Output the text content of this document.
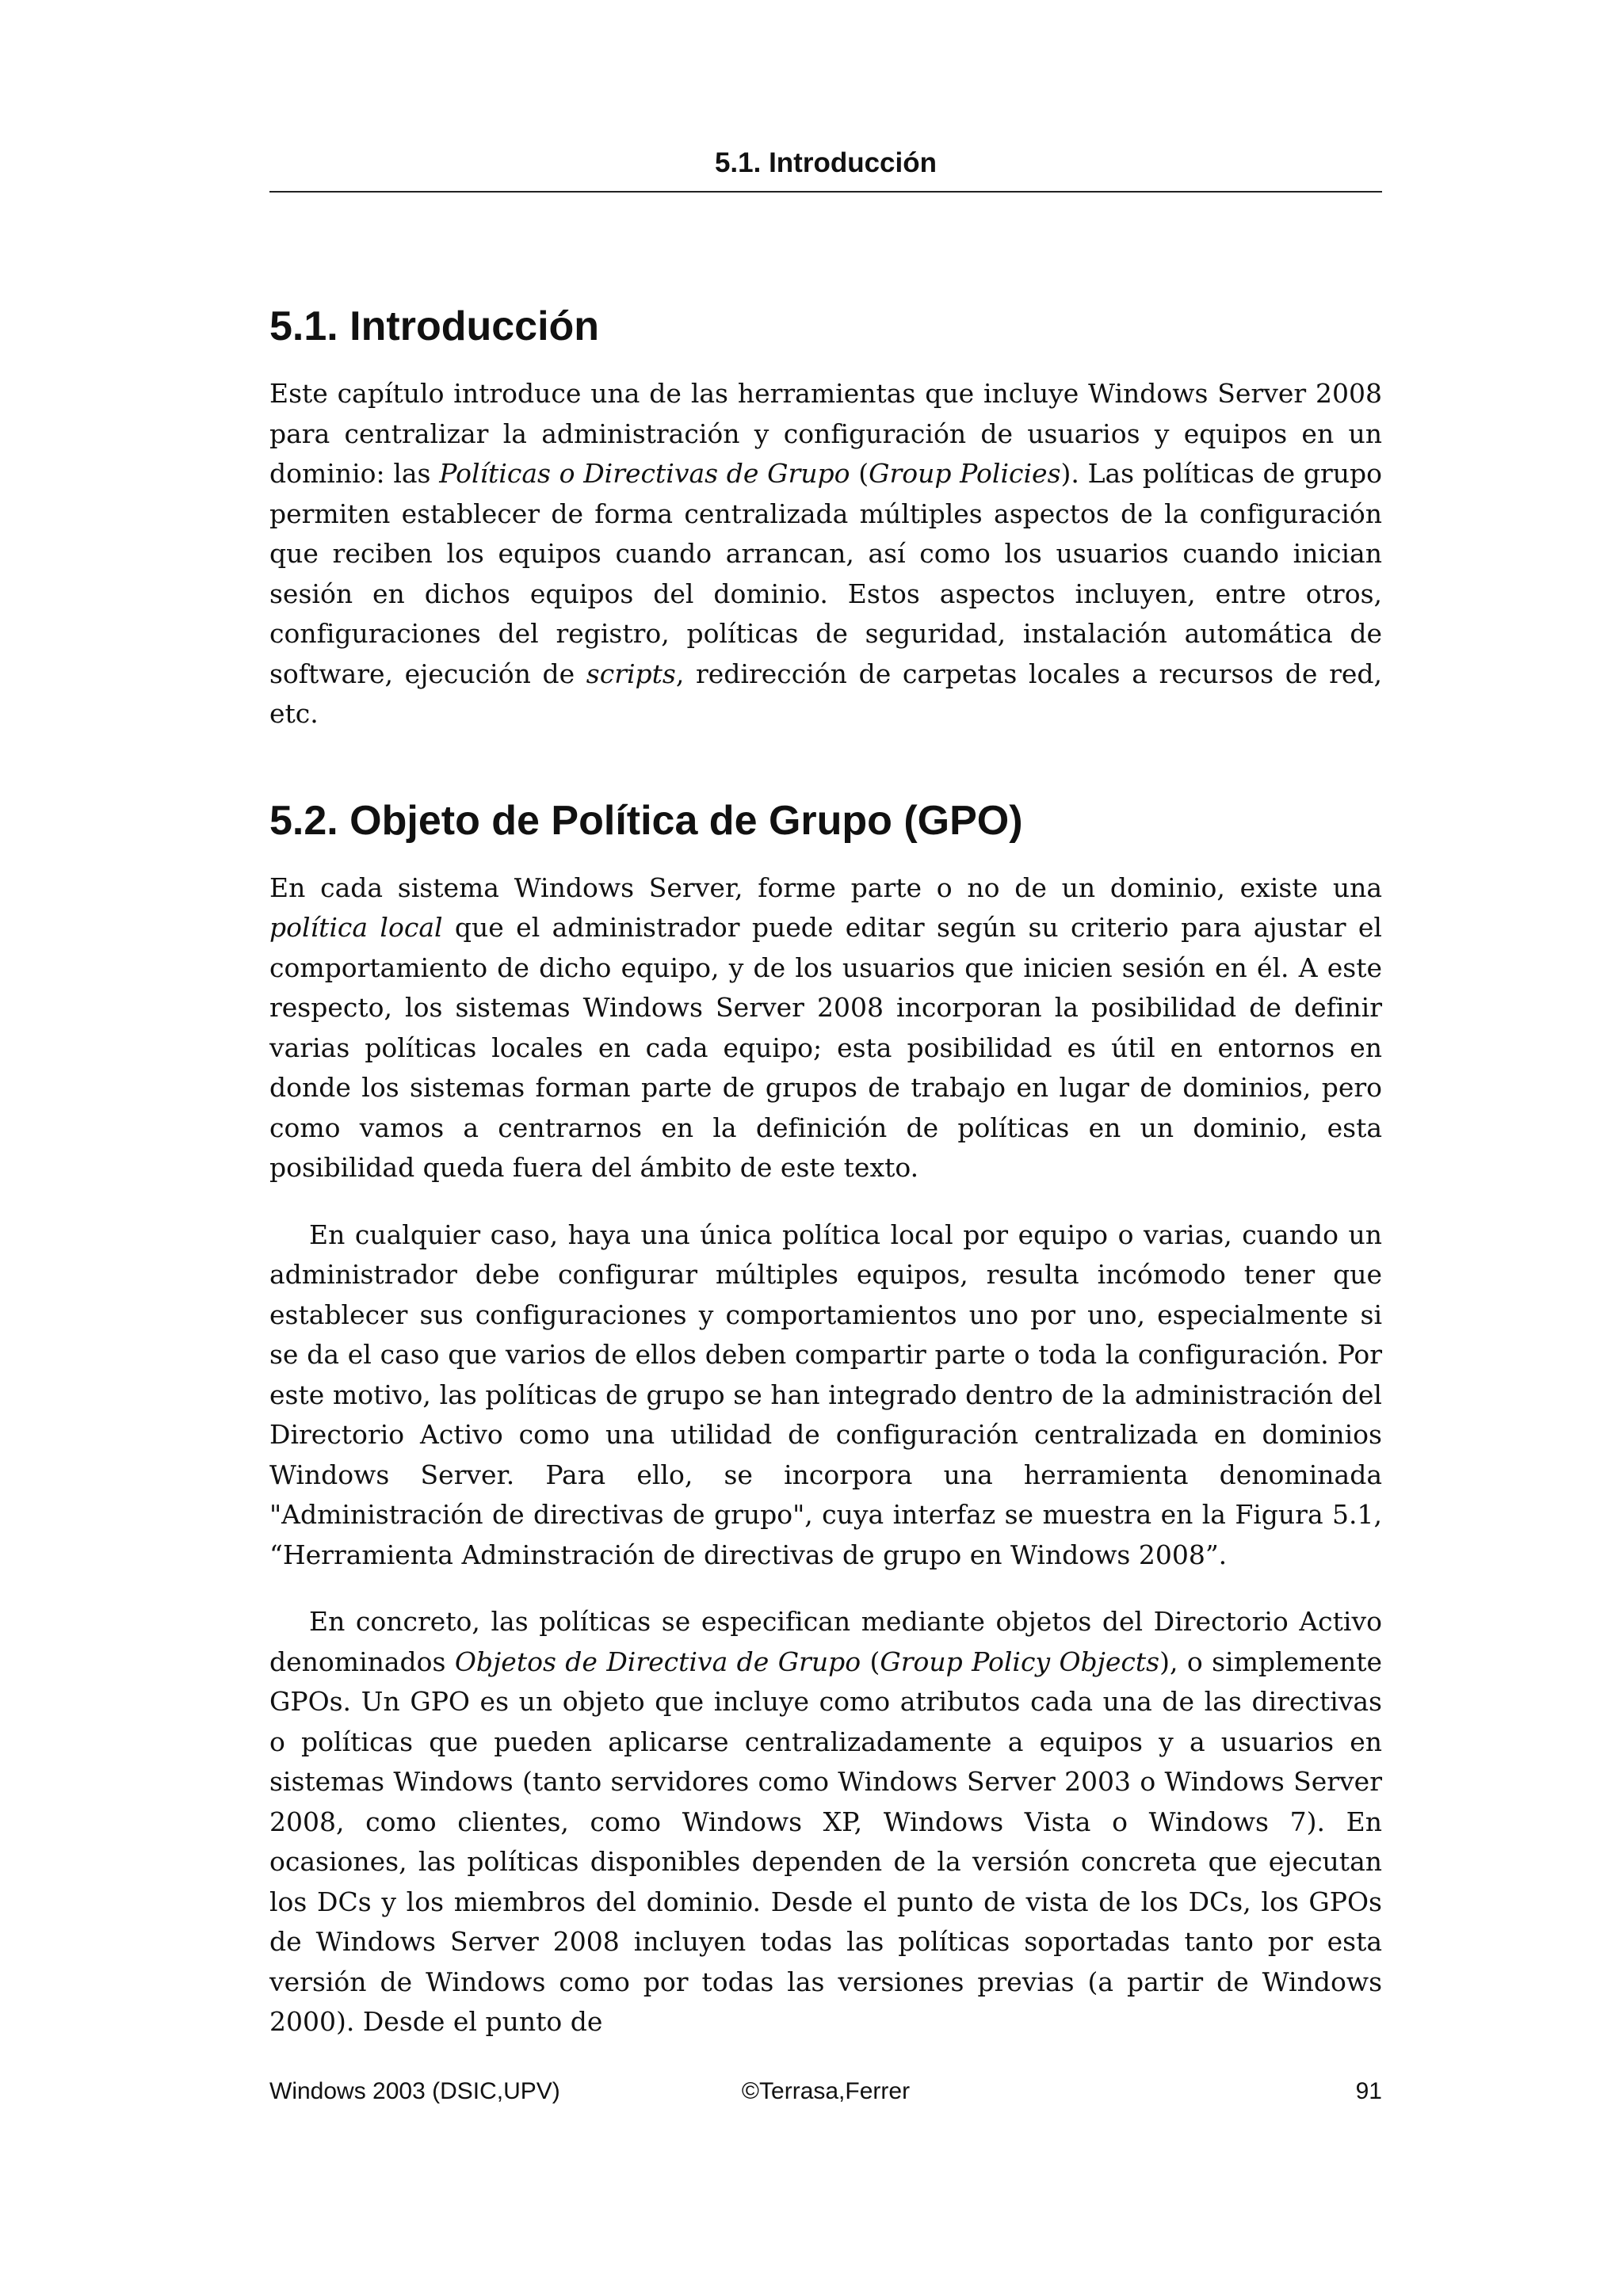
5.1. Introducción
5.1. Introducción

Este capítulo introduce una de las herramientas que incluye Windows Server 2008 para centralizar la administración y configuración de usuarios y equipos en un dominio: las Políticas o Directivas de Grupo (Group Policies). Las políticas de grupo permiten establecer de forma centralizada múltiples aspectos de la configuración que reciben los equipos cuando arrancan, así como los usuarios cuando inician sesión en dichos equipos del dominio. Estos aspectos incluyen, entre otros, configuraciones del registro, políticas de seguridad, instalación automática de software, ejecución de scripts, redirección de carpetas locales a recursos de red, etc.

5.2. Objeto de Política de Grupo (GPO)

En cada sistema Windows Server, forme parte o no de un dominio, existe una política local que el administrador puede editar según su criterio para ajustar el comportamiento de dicho equipo, y de los usuarios que inicien sesión en él. A este respecto, los sistemas Windows Server 2008 incorporan la posibilidad de definir varias políticas locales en cada equipo; esta posibilidad es útil en entornos en donde los sistemas forman parte de grupos de trabajo en lugar de dominios, pero como vamos a centrarnos en la definición de políticas en un dominio, esta posibilidad queda fuera del ámbito de este texto.

En cualquier caso, haya una única política local por equipo o varias, cuando un administrador debe configurar múltiples equipos, resulta incómodo tener que establecer sus configuraciones y comportamientos uno por uno, especialmente si se da el caso que varios de ellos deben compartir parte o toda la configuración. Por este motivo, las políticas de grupo se han integrado dentro de la administración del Directorio Activo como una utilidad de configuración centralizada en dominios Windows Server. Para ello, se incorpora una herramienta denominada "Administración de directivas de grupo", cuya interfaz se muestra en la Figura 5.1, “Herramienta Adminstración de directivas de grupo en Windows 2008”.

En concreto, las políticas se especifican mediante objetos del Directorio Activo denominados Objetos de Directiva de Grupo (Group Policy Objects), o simplemente GPOs. Un GPO es un objeto que incluye como atributos cada una de las directivas o políticas que pueden aplicarse centralizadamente a equipos y a usuarios en sistemas Windows (tanto servidores como Windows Server 2003 o Windows Server 2008, como clientes, como Windows XP, Windows Vista o Windows 7). En ocasiones, las políticas disponibles dependen de la versión concreta que ejecutan los DCs y los miembros del dominio. Desde el punto de vista de los DCs, los GPOs de Windows Server 2008 incluyen todas las políticas soportadas tanto por esta versión de Windows como por todas las versiones previas (a partir de Windows 2000). Desde el punto de

Windows 2003 (DSIC,UPV)	©Terrasa,Ferrer	91
